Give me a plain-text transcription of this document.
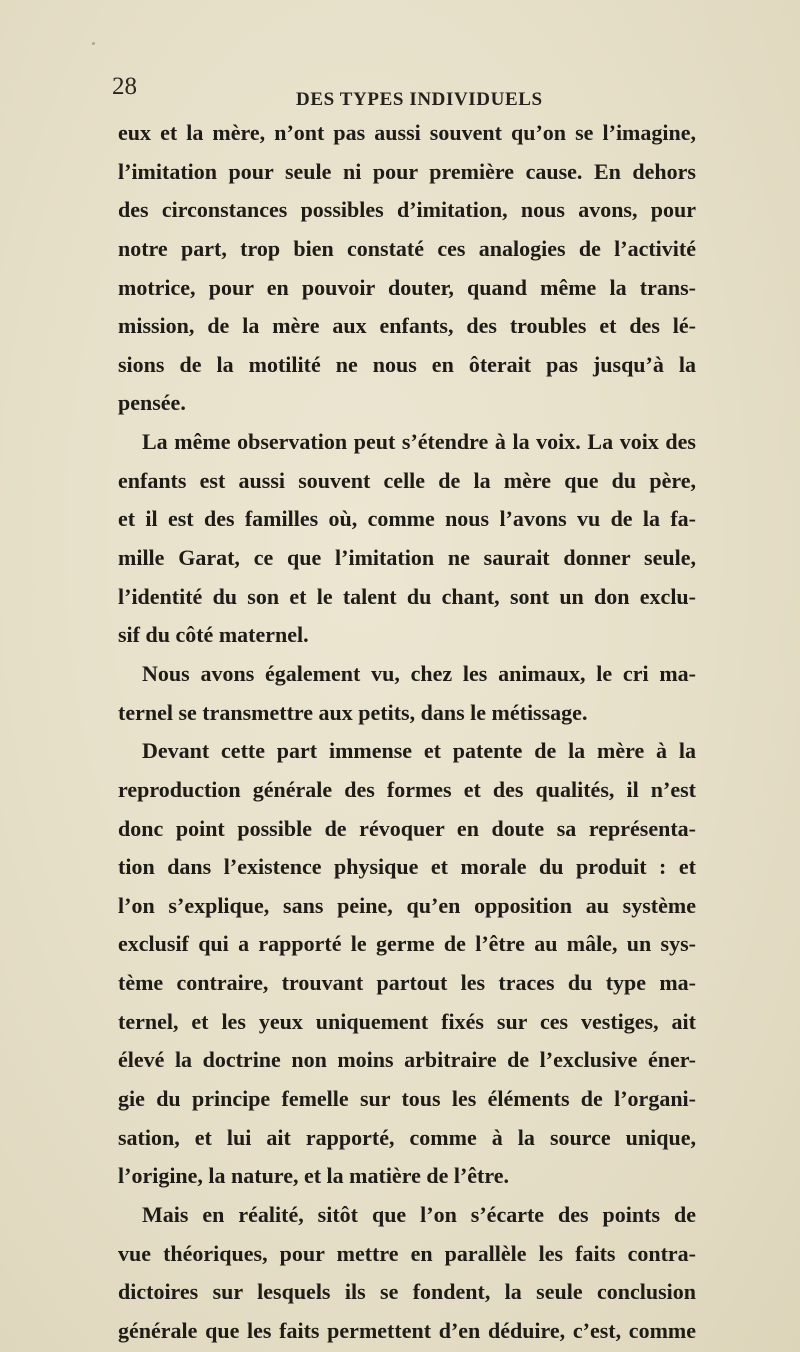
28	DES TYPES INDIVIDUELS
eux et la mère, n’ont pas aussi souvent qu’on se l’imagine,
l’imitation pour seule ni pour première cause. En dehors
des circonstances possibles d’imitation, nous avons, pour
notre part, trop bien constaté ces analogies de l’activité
motrice, pour en pouvoir douter, quand même la trans-
mission, de la mère aux enfants, des troubles et des lé-
sions de la motilité ne nous en ôterait pas jusqu’à la
pensée.
La même observation peut s’étendre à la voix. La voix des
enfants est aussi souvent celle de la mère que du père,
et il est des familles où, comme nous l’avons vu de la fa-
mille Garat, ce que l’imitation ne saurait donner seule,
l’identité du son et le talent du chant, sont un don exclu-
sif du côté maternel.
Nous avons également vu, chez les animaux, le cri ma-
ternel se transmettre aux petits, dans le métissage.
Devant cette part immense et patente de la mère à la
reproduction générale des formes et des qualités, il n’est
donc point possible de révoquer en doute sa représenta-
tion dans l’existence physique et morale du produit : et
l’on s’explique, sans peine, qu’en opposition au système
exclusif qui a rapporté le germe de l’être au mâle, un sys-
tème contraire, trouvant partout les traces du type ma-
ternel, et les yeux uniquement fixés sur ces vestiges, ait
élevé la doctrine non moins arbitraire de l’exclusive éner-
gie du principe femelle sur tous les éléments de l’organi-
sation, et lui ait rapporté, comme à la source unique,
l’origine, la nature, et la matière de l’être.
Mais en réalité, sitôt que l’on s’écarte des points de
vue théoriques, pour mettre en parallèle les faits contra-
dictoires sur lesquels ils se fondent, la seule conclusion
générale que les faits permettent d’en déduire, c’est, comme
